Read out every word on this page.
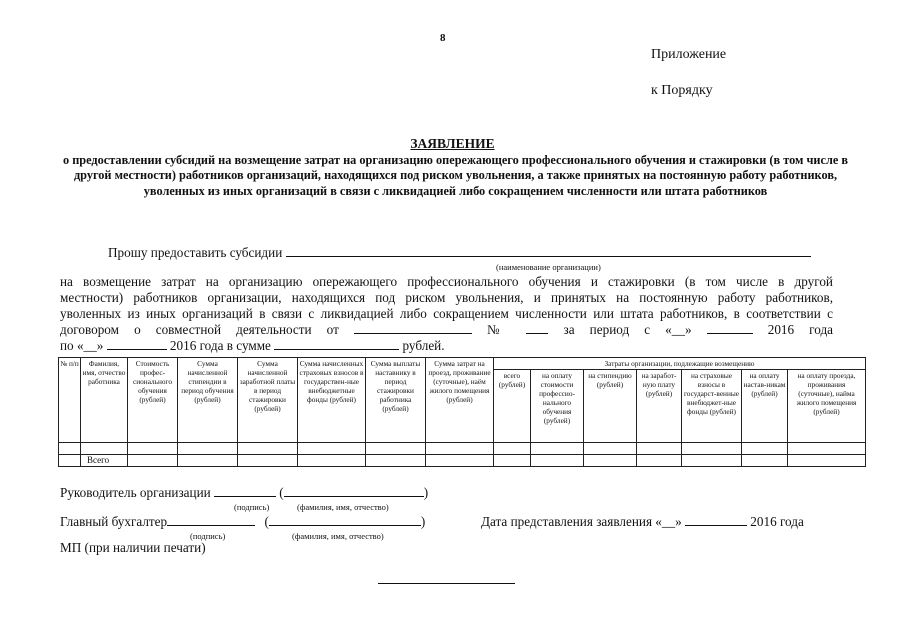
8
Приложение
к Порядку
ЗАЯВЛЕНИЕ
о предоставлении субсидий на возмещение затрат на организацию опережающего профессионального обучения и стажировки (в том числе в другой местности) работников организаций, находящихся под риском увольнения, а также принятых на постоянную работу работников, уволенных из иных организаций в связи с ликвидацией либо сокращением численности или штата работников
Прошу предоставить субсидии
(наименование организации)
на возмещение затрат на организацию опережающего профессионального обучения и стажировки (в том числе в другой
местности) работников организации, находящихся под риском увольнения, и принятых на постоянную работу работников,
уволенных из иных организаций в связи с ликвидацией либо сокращением численности или штата работников, в соответствии с
договором о совместной деятельности от	№	за период с «__»	2016 года
по «__»	2016 года в сумме	рублей.
№ п/п	Фамилия, имя, отчество работника	Стоимость профес-сионального обучения (рублей)	Сумма начисленной стипендии в период обучения (рублей)	Сумма начисленной заработной платы в период стажировки (рублей)	Сумма начисленных страховых взносов в государствен-ные внебюджетные фонды (рублей)	Сумма выплаты наставнику в период стажировки работника (рублей)	Сумма затрат на проезд, проживание (суточные), наём жилого помещения (рублей)	Затраты организации, подлежащие возмещению						
								всего (рублей)	на оплату стоимости профессио-нального обучения (рублей)	на стипендию (рублей)	на заработ-ную плату (рублей)	на страховые взносы в государст-венные внебюджет-ные фонды (рублей)	на оплату настав-никам (рублей)	на оплату проезда, проживания (суточные), найма жилого помещения (рублей)

	Всего													
Руководитель организации	(	)
(подпись)	(фамилия, имя, отчество)
Главный бухгалтер	(	)
(подпись)	(фамилия, имя, отчество)
Дата представления заявления «__»	2016 года
МП (при наличии печати)
